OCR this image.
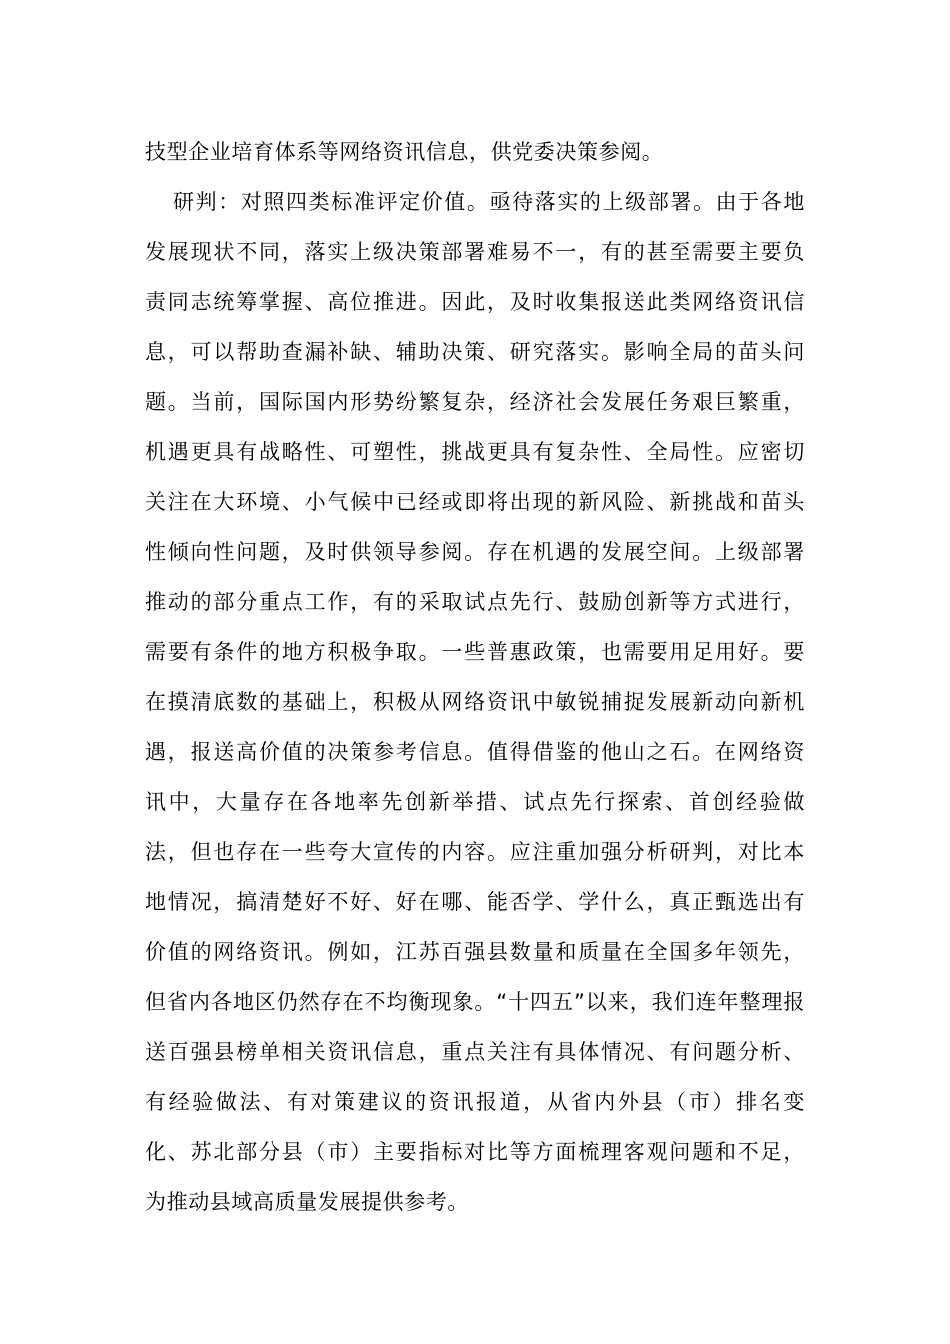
技型企业培育体系等网络资讯信息，供党委决策参阅。
研判：对照四类标准评定价值。亟待落实的上级部署。由于各地
发展现状不同，落实上级决策部署难易不一，有的甚至需要主要负
责同志统筹掌握、高位推进。因此，及时收集报送此类网络资讯信
息，可以帮助查漏补缺、辅助决策、研究落实。影响全局的苗头问
题。当前，国际国内形势纷繁复杂，经济社会发展任务艰巨繁重，
机遇更具有战略性、可塑性，挑战更具有复杂性、全局性。应密切
关注在大环境、小气候中已经或即将出现的新风险、新挑战和苗头
性倾向性问题，及时供领导参阅。存在机遇的发展空间。上级部署
推动的部分重点工作，有的采取试点先行、鼓励创新等方式进行，
需要有条件的地方积极争取。一些普惠政策，也需要用足用好。要
在摸清底数的基础上，积极从网络资讯中敏锐捕捉发展新动向新机
遇，报送高价值的决策参考信息。值得借鉴的他山之石。在网络资
讯中，大量存在各地率先创新举措、试点先行探索、首创经验做
法，但也存在一些夸大宣传的内容。应注重加强分析研判，对比本
地情况，搞清楚好不好、好在哪、能否学、学什么，真正甄选出有
价值的网络资讯。例如，江苏百强县数量和质量在全国多年领先，
但省内各地区仍然存在不均衡现象。“十四五”以来，我们连年整理报
送百强县榜单相关资讯信息，重点关注有具体情况、有问题分析、
有经验做法、有对策建议的资讯报道，从省内外县（市）排名变
化、苏北部分县（市）主要指标对比等方面梳理客观问题和不足，
为推动县域高质量发展提供参考。
